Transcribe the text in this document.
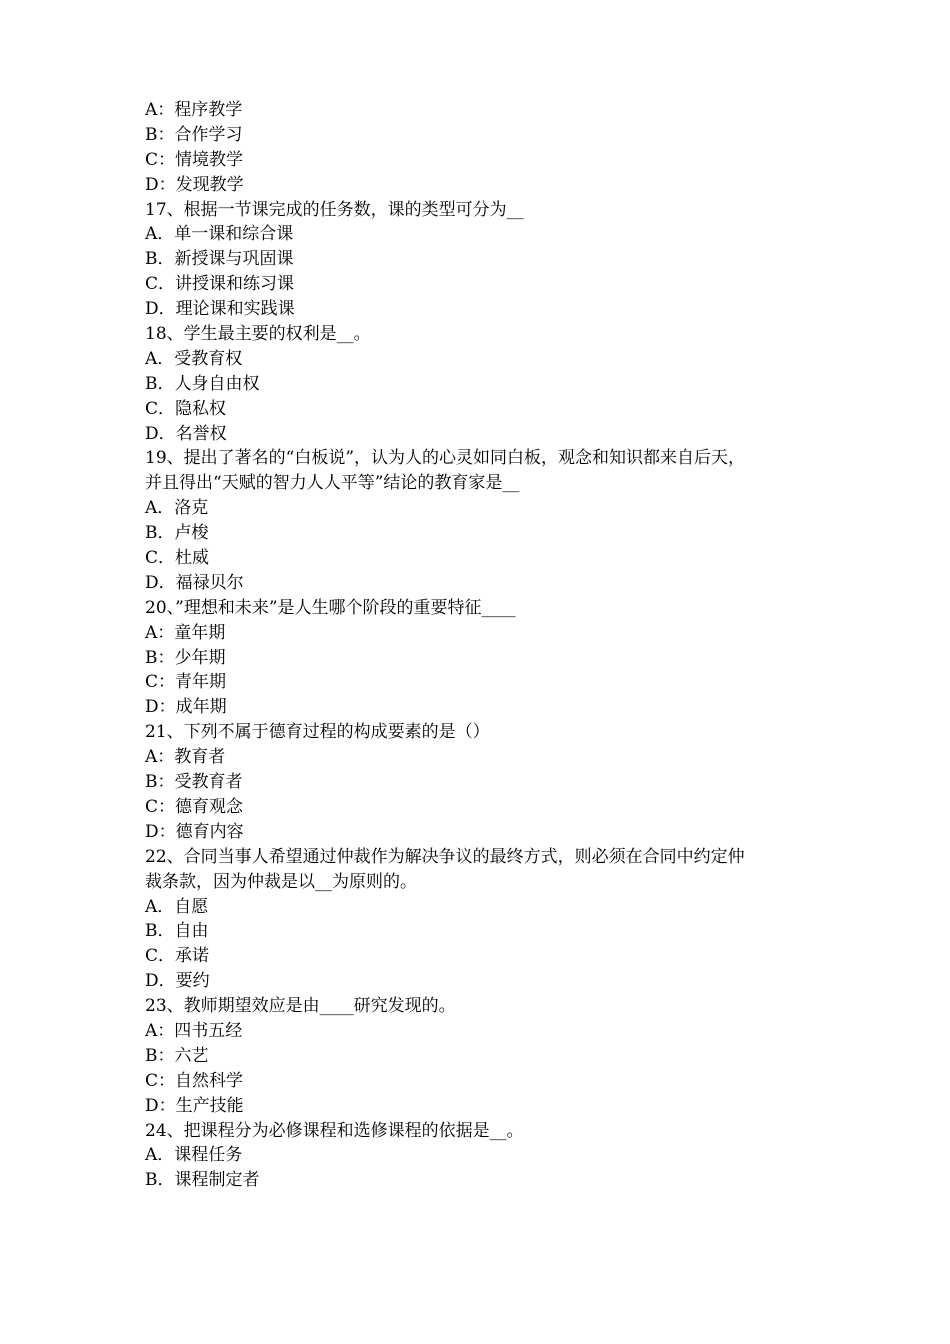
A：程序教学
B：合作学习
C：情境教学
D：发现教学
17、根据一节课完成的任务数，课的类型可分为__
A．单一课和综合课
B．新授课与巩固课
C．讲授课和练习课
D．理论课和实践课
18、学生最主要的权利是__。
A．受教育权
B．人身自由权
C．隐私权
D．名誉权
19、提出了著名的“白板说”，认为人的心灵如同白板，观念和知识都来自后天，
并且得出“天赋的智力人人平等”结论的教育家是__
A．洛克
B．卢梭
C．杜威
D．福禄贝尔
20、”理想和未来”是人生哪个阶段的重要特征____
A：童年期
B：少年期
C：青年期
D：成年期
21、下列不属于德育过程的构成要素的是（）
A：教育者
B：受教育者
C：德育观念
D：德育内容
22、合同当事人希望通过仲裁作为解决争议的最终方式，则必须在合同中约定仲
裁条款，因为仲裁是以__为原则的。
A．自愿
B．自由
C．承诺
D．要约
23、教师期望效应是由____研究发现的。
A：四书五经
B：六艺
C：自然科学
D：生产技能
24、把课程分为必修课程和选修课程的依据是__。
A．课程任务
B．课程制定者
